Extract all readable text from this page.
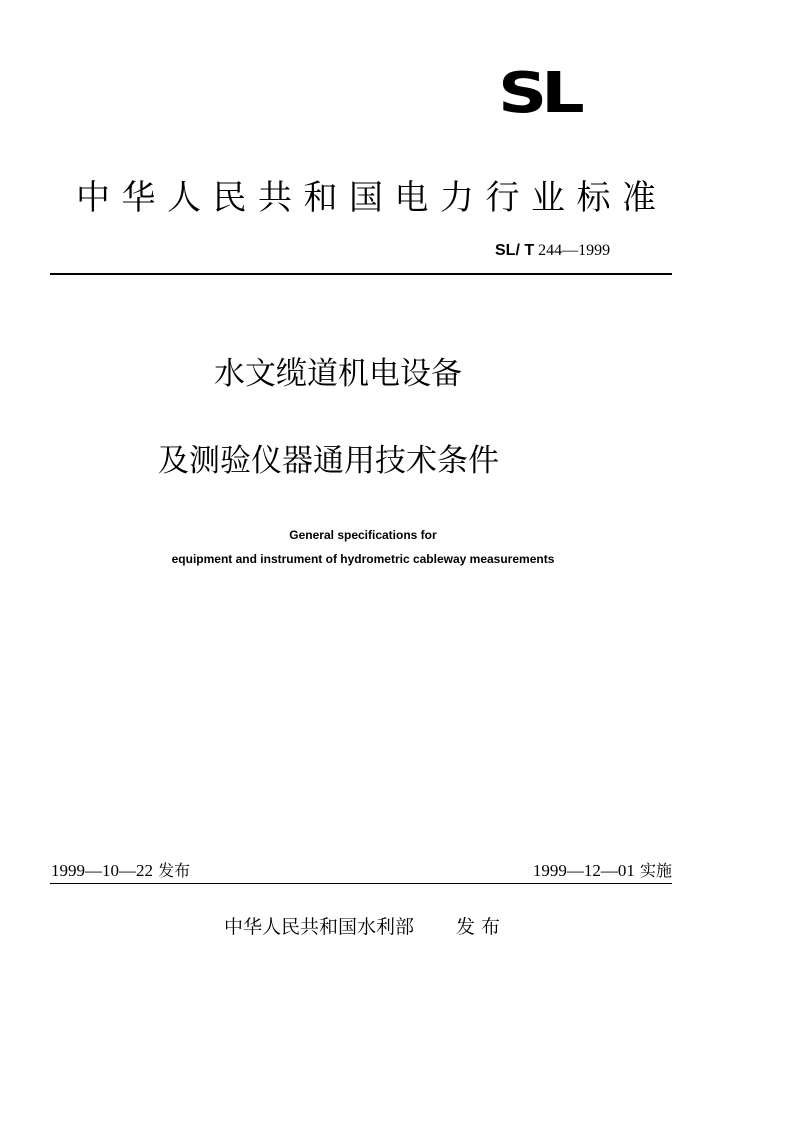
SL
中华人民共和国电力行业标准
SL/ T 244—1999
水文缆道机电设备
及测验仪器通用技术条件
General specifications for
equipment and instrument of hydrometric cableway measurements
1999—10—22 发布	1999—12—01 实施
中华人民共和国水利部 发布
